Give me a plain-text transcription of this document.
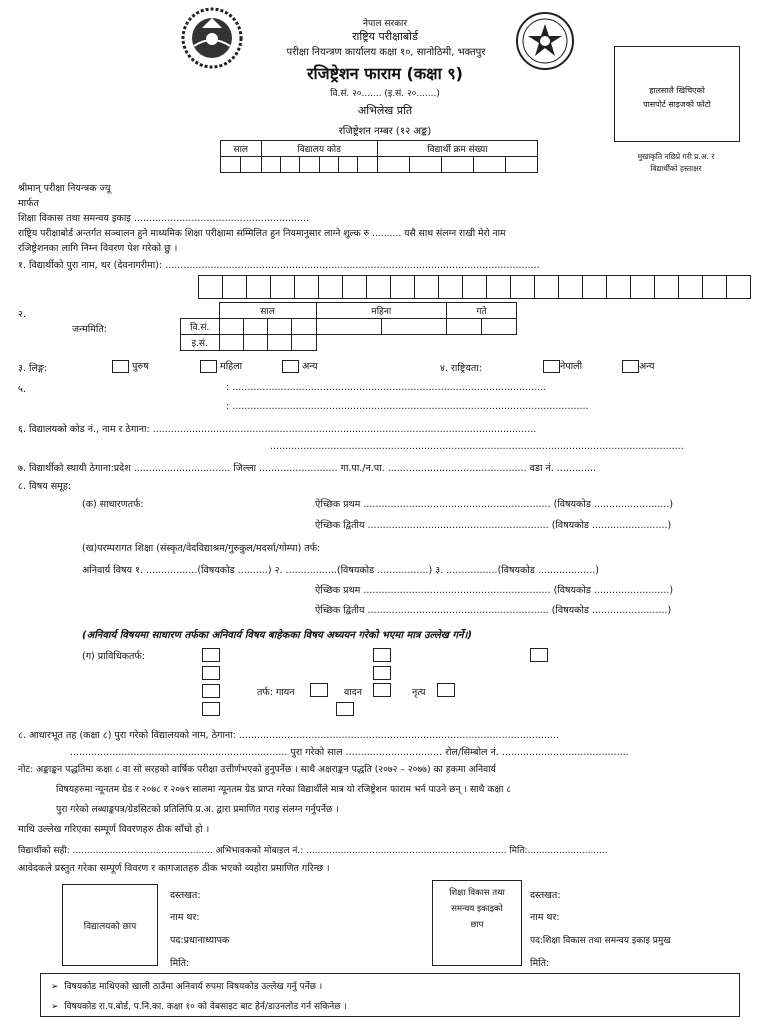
नेपाल सरकार
राष्ट्रिय परीक्षाबोर्ड
परीक्षा नियन्त्रण कार्यालय कक्षा १०, सानोठिमी, भक्तपुर
रजिष्ट्रेशन फाराम (कक्षा ९)
वि.सं. २०....... (इ.सं. २०.......)
अभिलेख प्रति
रजिष्ट्रेशन नम्बर (१२ अङ्क)
साल		विद्यालय कोड						विद्यार्थी क्रम संख्या				

हालसालै खिचिएको
पासपोर्ट साइजको फोटो
मुखाकृति नछिप्ने गरी प्र.अ. र
विद्यार्थीको हस्ताक्षर
श्रीमान् परीक्षा नियन्त्रक ज्यू
मार्फत
शिक्षा विकास तथा समन्वय इकाइ ..........................................................
राष्ट्रिय परीक्षाबोर्ड अन्तर्गत सञ्चालन हुने माध्यमिक शिक्षा परीक्षामा सम्मिलित हुन नियमानुसार लाग्ने शुल्क रु .......... यसै साथ संलग्न राखी मेरो नाम
रजिष्ट्रेशनका लागि निम्न विवरण पेश गरेको छु ।
१. विद्यार्थीको पुरा नाम, थर (देवनागरीमा): ............................................................................................................................
२.
जन्ममिति:
	साल				महिना		गते	
वि.सं.								
इ.सं.								
३. लिङ्ग:	पुरुष	महिला	अन्य	४. राष्ट्रियता:	नेपाली	अन्य
५.	: ........................................................................................................
: ......................................................................................................................
६. विद्यालयको कोड नं., नाम र ठेगाना: ...............................................................................................................................
.........................................................................................................................................
७. विद्यार्थीको स्थायी ठेगाना:प्रदेश ................................ जिल्ला .......................... गा.पा./न.पा. .............................................. वडा नं. .............
८. विषय समूह:
(क) साधारणतर्फ:	ऐच्छिक प्रथम .............................................................. (विषयकोड .........................)
ऐच्छिक द्वितीय ............................................................ (विषयकोड .........................)
(ख)परम्परागत शिक्षा (संस्कृत/वेदविद्याश्रम/गुरुकुल/मदर्सा/गोम्पा) तर्फ:
अनिवार्य विषय १. .................(विषयकोड ..........) २. .................(विषयकोड .................) ३. .................(विषयकोड ...................)
ऐच्छिक प्रथम .............................................................. (विषयकोड .........................)
ऐच्छिक द्वितीय ............................................................ (विषयकोड .........................)
(अनिवार्य विषयमा साधारण तर्फका अनिवार्य विषय बाहेकका विषय अध्ययन गरेको भएमा मात्र उल्लेख गर्ने।)
(ग) प्राविधिकतर्फ:
तर्फ: गायन	वादन	नृत्य
८. आधारभूत तह (कक्षा ८) पुरा गरेको विद्यालयको नाम, ठेगाना: ..........................................................................................................
........................................................................ पुरा गरेको साल ................................ रोल/सिम्बोल नं. ..........................................
नोट: अङ्काङ्कन पद्धतिमा कक्षा ८ वा सो सरहको वार्षिक परीक्षा उत्तीर्णभएको हुनुपर्नेछ । साथै अक्षराङ्कन पद्धति (२०७२ – २०७७) का हकमा अनिवार्य
विषयहरुमा न्यूनतम ग्रेड र २०७८ र २०७९ सालमा न्यूनतम ग्रेड प्राप्त गरेका विद्यार्थीले मात्र यो रजिष्ट्रेशन फाराम भर्न पाउने छन् । साथै कक्षा ८
पुरा गरेको लब्धाङ्कपत्र/ग्रेडसिटको प्रतिलिपि प्र.अ. द्वारा प्रमाणित गराइ संलग्न गर्नुपर्नेछ ।
माथि उल्लेख गरिएका सम्पूर्ण विवरणहरु ठीक साँचो हो ।
विद्यार्थीको सही: ................................................. अभिभावकको मोबाइल नं.: ...................................................................... मिति:............................
आवेदकले प्रस्तुत गरेका सम्पूर्ण विवरण र कागजातहरु ठीक भएको व्यहोरा प्रमाणित गरिन्छ ।
विद्यालयको छाप
दस्तखत:
नाम थर:
पद:प्रधानाध्यापक
मिति:
शिक्षा विकास तथा
समन्वय इकाइको
छाप
दस्तखत:
नाम थर:
पद:शिक्षा विकास तथा समन्वय इकाइ प्रमुख
मिति:
➢ विषयकोड माथिएको खाली ठाउँमा अनिवार्य रुपमा विषयकोड उल्लेख गर्नु पर्नेछ ।
➢ विषयकोड रा.प.बोर्ड, प.नि.का. कक्षा १० को वेबसाइट बाट हेर्न/डाउनलोड गर्न सकिनेछ ।
